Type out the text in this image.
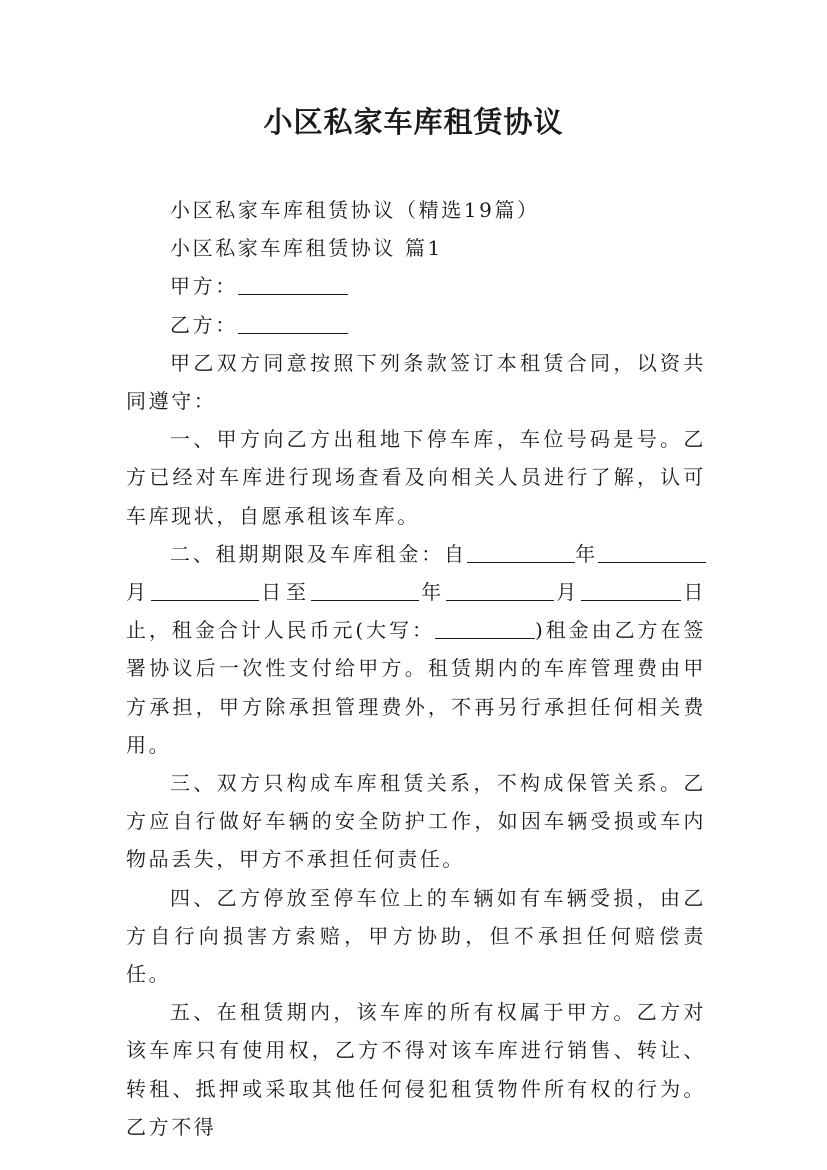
小区私家车库租赁协议

小区私家车库租赁协议（精选19篇）

小区私家车库租赁协议 篇1

甲方：

乙方：

甲乙双方同意按照下列条款签订本租赁合同，以资共同遵守：

一、甲方向乙方出租地下停车库，车位号码是号。乙方已经对车库进行现场查看及向相关人员进行了解，认可车库现状，自愿承租该车库。

二、租期期限及车库租金：自	年月	日至	年	月	日止，租金合计人民币元(大写：	)租金由乙方在签署协议后一次性支付给甲方。租赁期内的车库管理费由甲方承担，甲方除承担管理费外，不再另行承担任何相关费用。

三、双方只构成车库租赁关系，不构成保管关系。乙方应自行做好车辆的安全防护工作，如因车辆受损或车内物品丢失，甲方不承担任何责任。

四、乙方停放至停车位上的车辆如有车辆受损，由乙方自行向损害方索赔，甲方协助，但不承担任何赔偿责任。

五、在租赁期内，该车库的所有权属于甲方。乙方对该车库只有使用权，乙方不得对该车库进行销售、转让、转租、抵押或采取其他任何侵犯租赁物件所有权的行为。乙方不得
